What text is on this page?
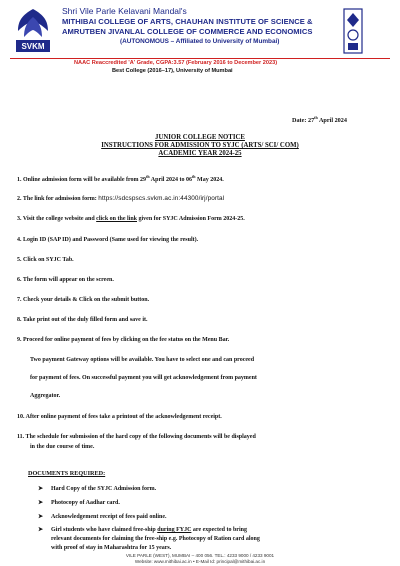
SVKM
Shri Vile Parle Kelavani Mandal's
MITHIBAI COLLEGE OF ARTS, CHAUHAN INSTITUTE OF SCIENCE &
AMRUTBEN JIVANLAL COLLEGE OF COMMERCE AND ECONOMICS
(AUTONOMOUS – Affiliated to University of Mumbai)
NAAC Reaccredited 'A' Grade, CGPA:3.57 (February 2016 to December 2023)
Best College (2016–17), University of Mumbai
Date: 27th April 2024
JUNIOR COLLEGE NOTICE
INSTRUCTIONS FOR ADMISSION TO SYJC (ARTS/ SCI/ COM)
ACADEMIC YEAR 2024-25
1. Online admission form will be available from 29th April 2024 to 06th May 2024.
2. The link for admission form: https://sdcspscs.svkm.ac.in:44300/irj/portal
3. Visit the college website and click on the link given for SYJC Admission Form 2024-25.
4. Login ID (SAP ID) and Password (Same used for viewing the result).
5. Click on SYJC Tab.
6. The form will appear on the screen.
7. Check your details & Click on the submit button.
8. Take print out of the duly filled form and save it.
9. Proceed for online payment of fees by clicking on the fee status on the Menu Bar.
Two payment Gateway options will be available. You have to select one and can proceed
for payment of fees. On successful payment you will get acknowledgement from payment
Aggregator.
10. After online payment of fees take a printout of the acknowledgement receipt.
11. The schedule for submission of the hard copy of the following documents will be displayed
in the due course of time.
DOCUMENTS REQUIRED:
➤ Hard Copy of the SYJC Admission form.
➤ Photocopy of Aadhar card.
➤ Acknowledgement receipt of fees paid online.
➤ Girl students who have claimed free-ship during FYJC are expected to bring
relevant documents for claiming the free-ship e.g. Photocopy of Ration card along
with proof of stay in Maharashtra for 15 years.
VILE PARLE (WEST), MUMBAI – 400 056. TEL.: 4233 9000 / 4233 9001
Website: www.mithibai.ac.in • E-Mail Id: principal@mithibai.ac.in
